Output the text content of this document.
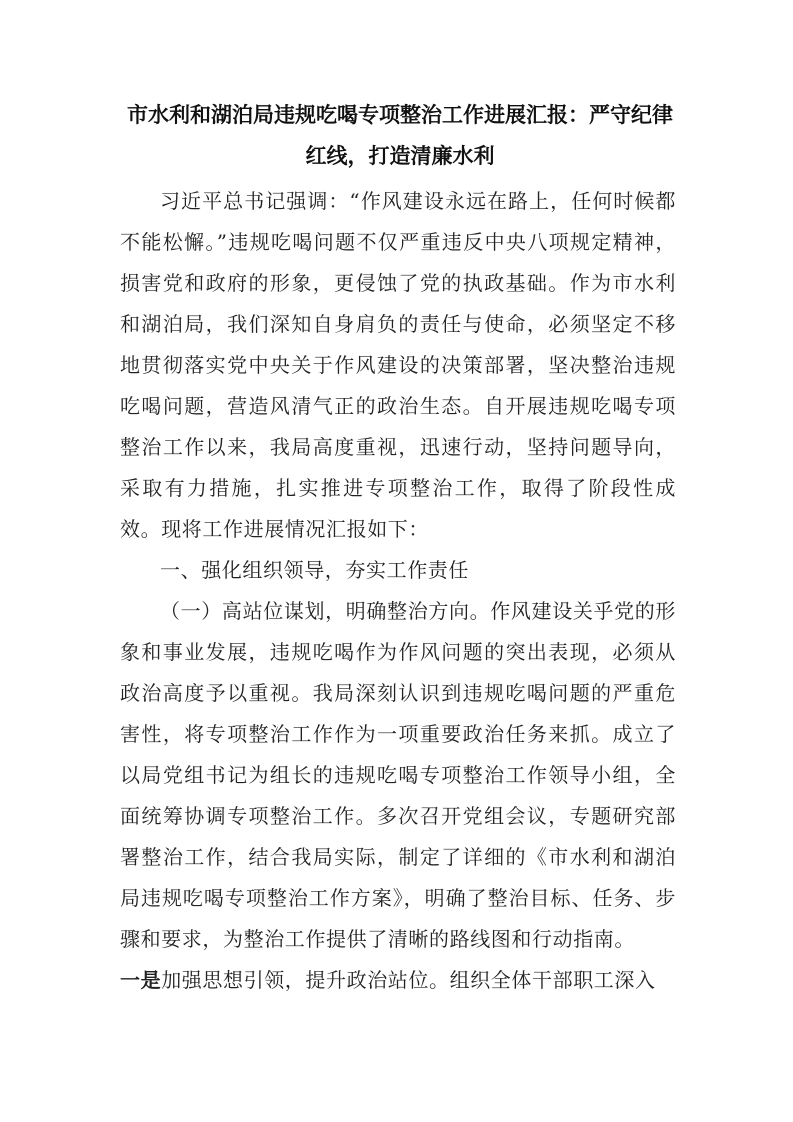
市水利和湖泊局违规吃喝专项整治工作进展汇报：严守纪律红线，打造清廉水利

习近平总书记强调：“作风建设永远在路上，任何时候都不能松懈。”违规吃喝问题不仅严重违反中央八项规定精神，损害党和政府的形象，更侵蚀了党的执政基础。作为市水利和湖泊局，我们深知自身肩负的责任与使命，必须坚定不移地贯彻落实党中央关于作风建设的决策部署，坚决整治违规吃喝问题，营造风清气正的政治生态。自开展违规吃喝专项整治工作以来，我局高度重视，迅速行动，坚持问题导向，采取有力措施，扎实推进专项整治工作，取得了阶段性成效。现将工作进展情况汇报如下：

一、强化组织领导，夯实工作责任

（一）高站位谋划，明确整治方向。作风建设关乎党的形象和事业发展，违规吃喝作为作风问题的突出表现，必须从政治高度予以重视。我局深刻认识到违规吃喝问题的严重危害性，将专项整治工作作为一项重要政治任务来抓。成立了以局党组书记为组长的违规吃喝专项整治工作领导小组，全面统筹协调专项整治工作。多次召开党组会议，专题研究部署整治工作，结合我局实际，制定了详细的《市水利和湖泊局违规吃喝专项整治工作方案》，明确了整治目标、任务、步骤和要求，为整治工作提供了清晰的路线图和行动指南。

一是加强思想引领，提升政治站位。组织全体干部职工深入
